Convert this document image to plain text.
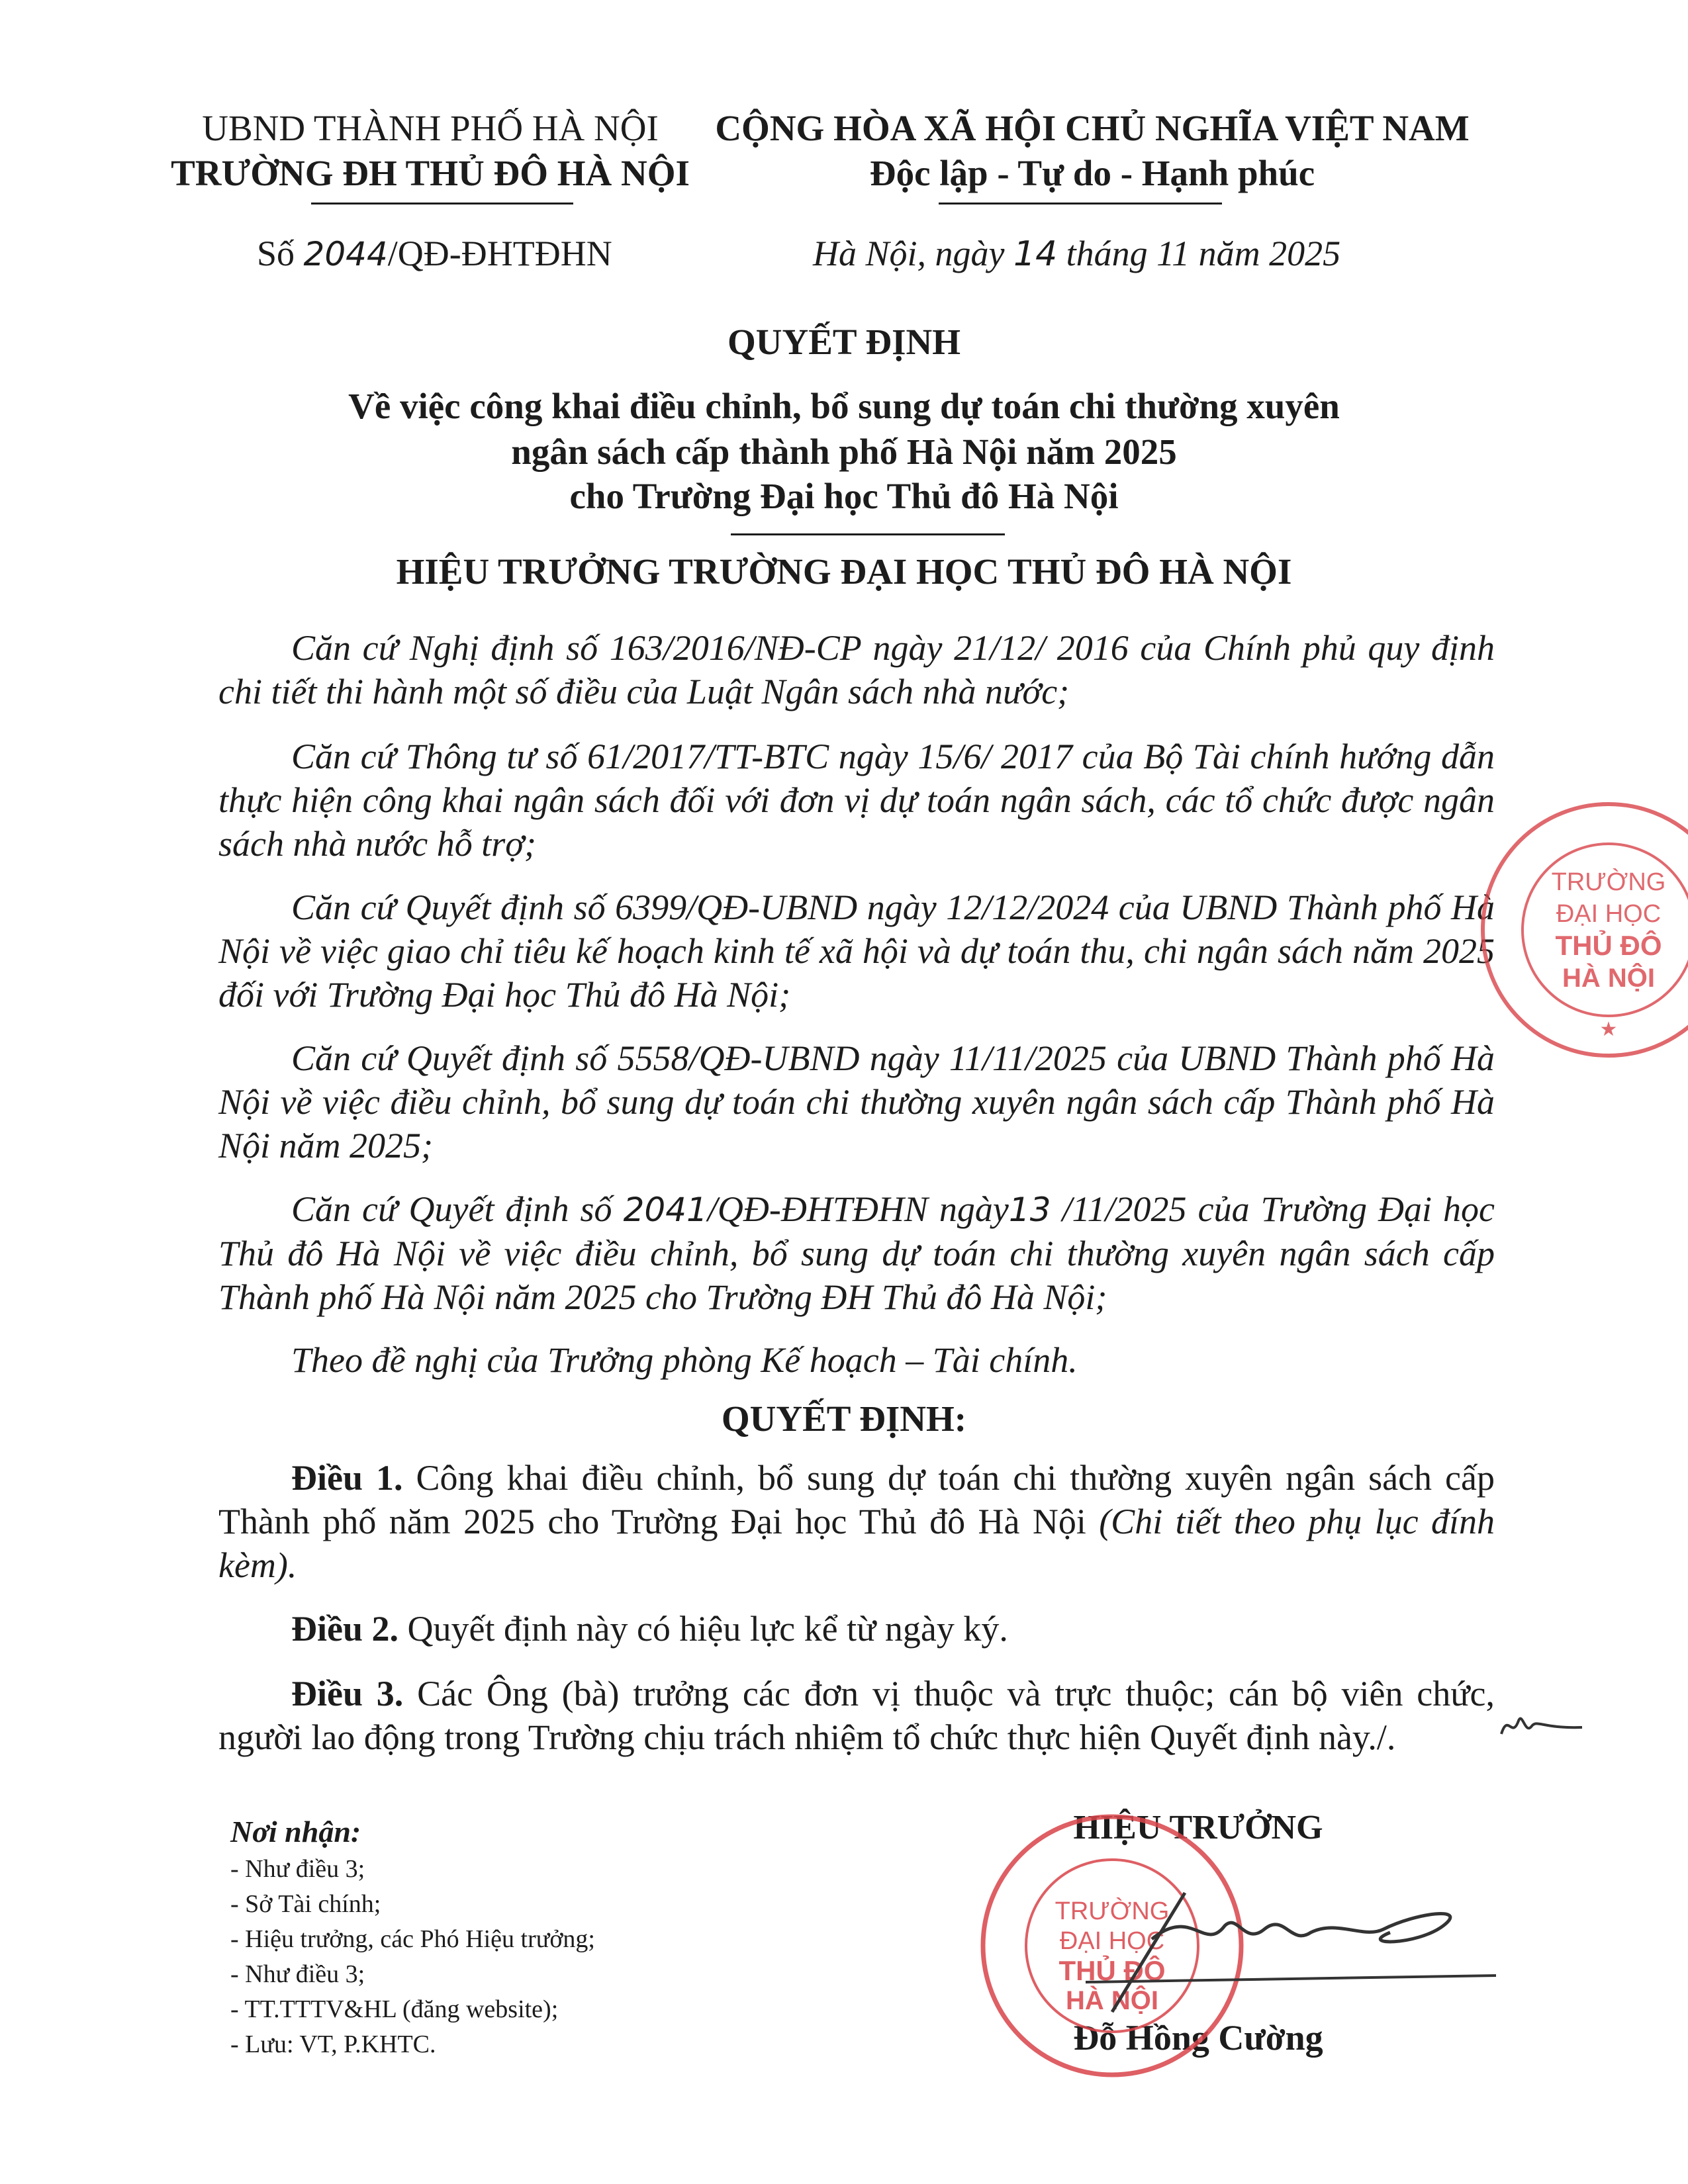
UBND THÀNH PHỐ HÀ NỘI
TRƯỜNG ĐH THỦ ĐÔ HÀ NỘI
CỘNG HÒA XÃ HỘI CHỦ NGHĨA VIỆT NAM
Độc lập - Tự do - Hạnh phúc
Số 2044/QĐ-ĐHTĐHN	Hà Nội, ngày 14 tháng 11 năm 2025
QUYẾT ĐỊNH
Về việc công khai điều chỉnh, bổ sung dự toán chi thường xuyên
ngân sách cấp thành phố Hà Nội năm 2025
cho Trường Đại học Thủ đô Hà Nội
HIỆU TRƯỞNG TRƯỜNG ĐẠI HỌC THỦ ĐÔ HÀ NỘI
Căn cứ Nghị định số 163/2016/NĐ-CP ngày 21/12/ 2016 của Chính phủ quy định chi tiết thi hành một số điều của Luật Ngân sách nhà nước;
Căn cứ Thông tư số 61/2017/TT-BTC ngày 15/6/ 2017 của Bộ Tài chính hướng dẫn thực hiện công khai ngân sách đối với đơn vị dự toán ngân sách, các tổ chức được ngân sách nhà nước hỗ trợ;
Căn cứ Quyết định số 6399/QĐ-UBND ngày 12/12/2024 của UBND Thành phố Hà Nội về việc giao chỉ tiêu kế hoạch kinh tế xã hội và dự toán thu, chi ngân sách năm 2025 đối với Trường Đại học Thủ đô Hà Nội;
Căn cứ Quyết định số 5558/QĐ-UBND ngày 11/11/2025 của UBND Thành phố Hà Nội về việc điều chỉnh, bổ sung dự toán chi thường xuyên ngân sách cấp Thành phố Hà Nội năm 2025;
Căn cứ Quyết định số 2041/QĐ-ĐHTĐHN ngày13 /11/2025 của Trường Đại học Thủ đô Hà Nội về việc điều chỉnh, bổ sung dự toán chi thường xuyên ngân sách cấp Thành phố Hà Nội năm 2025 cho Trường ĐH Thủ đô Hà Nội;
Theo đề nghị của Trưởng phòng Kế hoạch – Tài chính.
QUYẾT ĐỊNH:
Điều 1. Công khai điều chỉnh, bổ sung dự toán chi thường xuyên ngân sách cấp Thành phố năm 2025 cho Trường Đại học Thủ đô Hà Nội (Chi tiết theo phụ lục đính kèm).
Điều 2. Quyết định này có hiệu lực kể từ ngày ký.
Điều 3. Các Ông (bà) trưởng các đơn vị thuộc và trực thuộc; cán bộ viên chức, người lao động trong Trường chịu trách nhiệm tổ chức thực hiện Quyết định này./.
Nơi nhận:
- Như điều 3;
- Sở Tài chính;
- Hiệu trưởng, các Phó Hiệu trưởng;
- Như điều 3;
- TT.TTTV&HL (đăng website);
- Lưu: VT, P.KHTC.
HIỆU TRƯỞNG
Đỗ Hồng Cường
TRƯỜNG
ĐẠI HỌC
THỦ ĐÔ
HÀ NỘI
TRƯỜNG
ĐẠI HỌC
THỦ ĐÔ
HÀ NỘI
★
